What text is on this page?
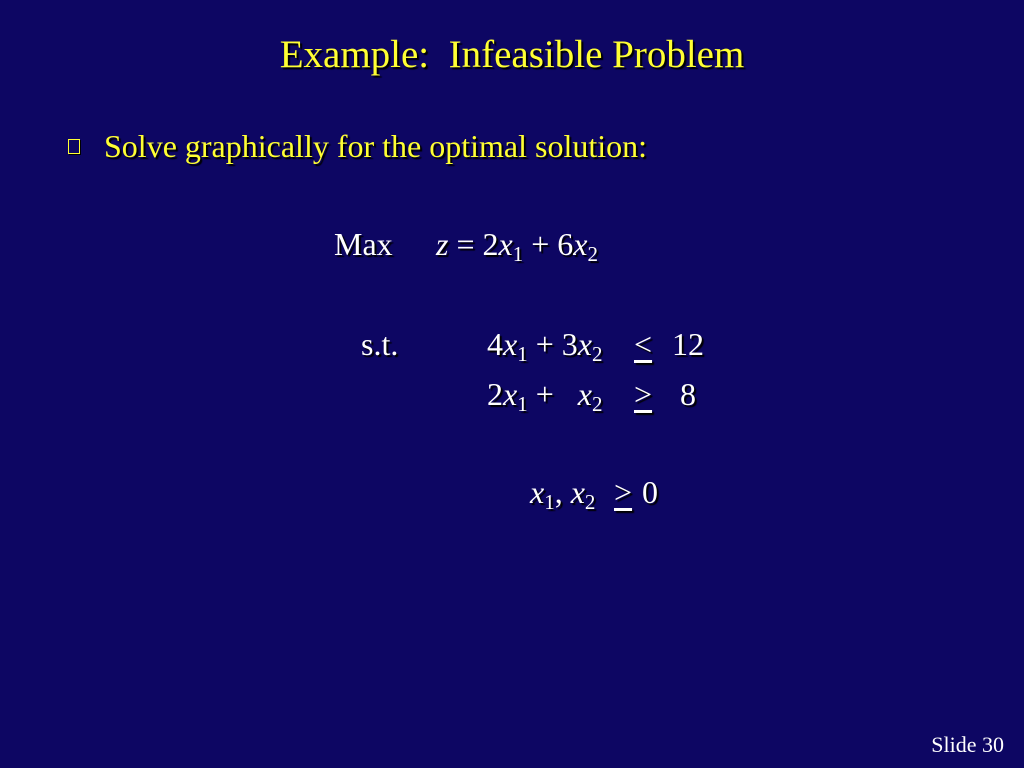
Example:  Infeasible Problem
Solve graphically for the optimal solution:
Max $z = 2x_1 + 6x_2$
s.t.	$4x_1 + 3x_2 < 12$
$2x_1 + x_2 > 8$
$x_1$, $x_2 > 0$
Slide 30
